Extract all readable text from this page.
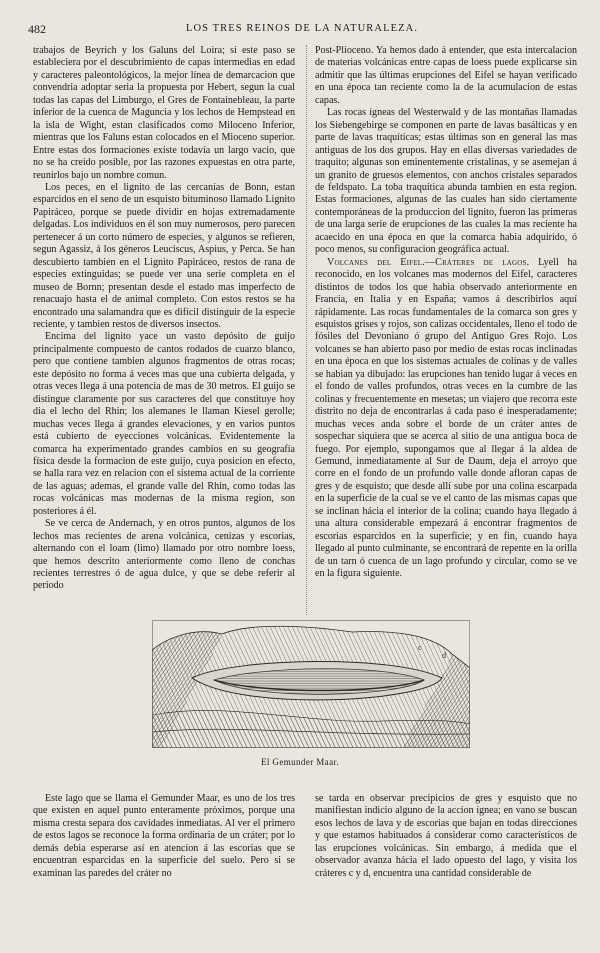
482	LOS TRES REINOS DE LA NATURALEZA.

trabajos de Beyrich y los Galuns del Loira; si este paso se estableciera por el descubrimiento de capas intermedias en edad y caracteres paleontológicos, la mejor línea de demarcacion que convendria adoptar seria la propuesta por Hebert, segun la cual todas las capas del Limburgo, el Gres de Fontainebleau, la parte inferior de la cuenca de Maguncia y los lechos de Hempstead en la isla de Wight, estan clasificados como Miloceno Inferior, mientras que los Faluns estan colocados en el Mioceno superior. Entre estas dos formaciones existe todavía un largo vacio, que no se ha creido posible, por las razones expuestas en otra parte, reunirlos bajo un nombre comun.

Los peces, en el lignito de las cercanías de Bonn, estan esparcidos en el seno de un esquisto bituminoso llamado Lignito Papiráceo, porque se puede dividir en hojas extremadamente delgadas. Los individuos en él son muy numerosos, pero parecen pertenecer á un corto número de especies, y algunos se refieren, segun Agassiz, á los géneros Leuciscus, Aspius, y Perca. Se han descubierto tambien en el Lignito Papiráceo, restos de rana de especies extinguidas; se puede ver una serie completa en el museo de Bornn; presentan desde el estado mas imperfecto de renacuajo hasta el de animal completo. Con estos restos se ha encontrado una salamandra que es difícil distinguir de la especie reciente, y tambien restos de diversos insectos.

Encima del lignito yace un vasto depósito de guijo principalmente compuesto de cantos rodados de cuarzo blanco, pero que contiene tambien algunos fragmentos de otras rocas; este depósito no forma á veces mas que una cubierta delgada, y otras veces llega á una potencia de mas de 30 metros. El guijo se distingue claramente por sus caracteres del que constituye hoy dia el lecho del Rhin; los alemanes le llaman Kiesel gerolle; muchas veces llega á grandes elevaciones, y en varios puntos está cubierto de eyecciones volcánicas. Evidentemente la comarca ha experimentado grandes cambios en su geografía física desde la formacion de este guijo, cuya posicion en efecto, se halla rara vez en relacion con el sistema actual de la corriente de las aguas; ademas, el grande valle del Rhin, como todas las rocas volcánicas mas modernas de la misma region, son posteriores á él.

Se ve cerca de Andernach, y en otros puntos, algunos de los lechos mas recientes de arena volcánica, cenizas y escorias, alternando con el loam (limo) llamado por otro nombre loess, que hemos descrito anteriormente como lleno de conchas recientes terrestres ó de agua dulce, y que se debe referir al periodo

Post-Plioceno. Ya hemos dado á entender, que esta intercalacion de materias volcánicas entre capas de loess puede explicarse sin admitir que las últimas erupciones del Eifel se hayan verificado en una época tan reciente como la de la acumulacion de estas capas.

Las rocas ígneas del Westerwald y de las montañas llamadas los Siebengebirge se componen en parte de lavas basálticas y en parte de lavas traquíticas; estas últimas son en general las mas antiguas de los dos grupos. Hay en ellas diversas variedades de traquito; algunas son eminentemente cristalinas, y se asemejan á un granito de gruesos elementos, con anchos cristales separados de feldspato. La toba traquítica abunda tambien en esta region. Estas formaciones, algunas de las cuales han sido ciertamente contemporáneas de la produccion del lignito, fueron las primeras de una larga serie de erupciones de las cuales la mas reciente ha acaecido en una época en que la comarca habia adquirido, ó poco menos, su configuracion geográfica actual.

Volcanes del Eifel.—Cráteres de lagos. Lyell ha reconocido, en los volcanes mas modernos del Eifel, caracteres distintos de todos los que habia observado anteriormente en Francia, en Italia y en España; vamos á describirlos aquí rápidamente. Las rocas fundamentales de la comarca son gres y esquistos grises y rojos, son calizas occidentales, lleno el todo de fósiles del Devoniano ó grupo del Antiguo Gres Rojo. Los volcanes se han abierto paso por medio de estas rocas inclinadas en una época en que los sistemas actuales de colinas y de valles se habian ya dibujado: las erupciones han tenido lugar á veces en el fondo de valles profundos, otras veces en la cumbre de las colinas y frecuentemente en mesetas; un viajero que recorra este distrito no deja de encontrarlas á cada paso é inesperadamente; muchas veces anda sobre el borde de un cráter antes de sospechar siquiera que se acerca al sitio de una antigua boca de fuego. Por ejemplo, supongamos que al llegar á la aldea de Gemund, inmediatamente al Sur de Daum, deja el arroyo que corre en el fondo de un profundo valle donde afloran capas de gres y de esquisto; que desde allí sube por una colina escarpada en la superficie de la cual se ve el canto de las mismas capas que se inclinan hácia el interior de la colina; cuando haya llegado á una altura considerable empezará á encontrar fragmentos de escorias esparcidos en la superficie; y en fin, cuando haya llegado al punto culminante, se encontrará de repente en la orilla de un tarn ó cuenca de un lago profundo y circular, como se ve en la figura siguiente.

c
d
El Gemunder Maar.

Este lago que se llama el Gemunder Maar, es uno de los tres que existen en aquel punto enteramente próximos, porque una misma cresta separa dos cavidades inmediatas. Al ver el primero de estos lagos se reconoce la forma ordinaria de un cráter; por lo demás debia esperarse así en atencion á las escorias que se encuentran esparcidas en la superficie del suelo. Pero si se examinan las paredes del cráter no

se tarda en observar precipicios de gres y esquisto que no manifiestan indicio alguno de la accion ígnea; en vano se buscan esos lechos de lava y de escorias que bajan en todas direcciones y que estamos habituados á considerar como característicos de las erupciones volcánicas. Sin embargo, á medida que el observador avanza hácia el lado opuesto del lago, y visita los cráteres c y d, encuentra una cantidad considerable de
